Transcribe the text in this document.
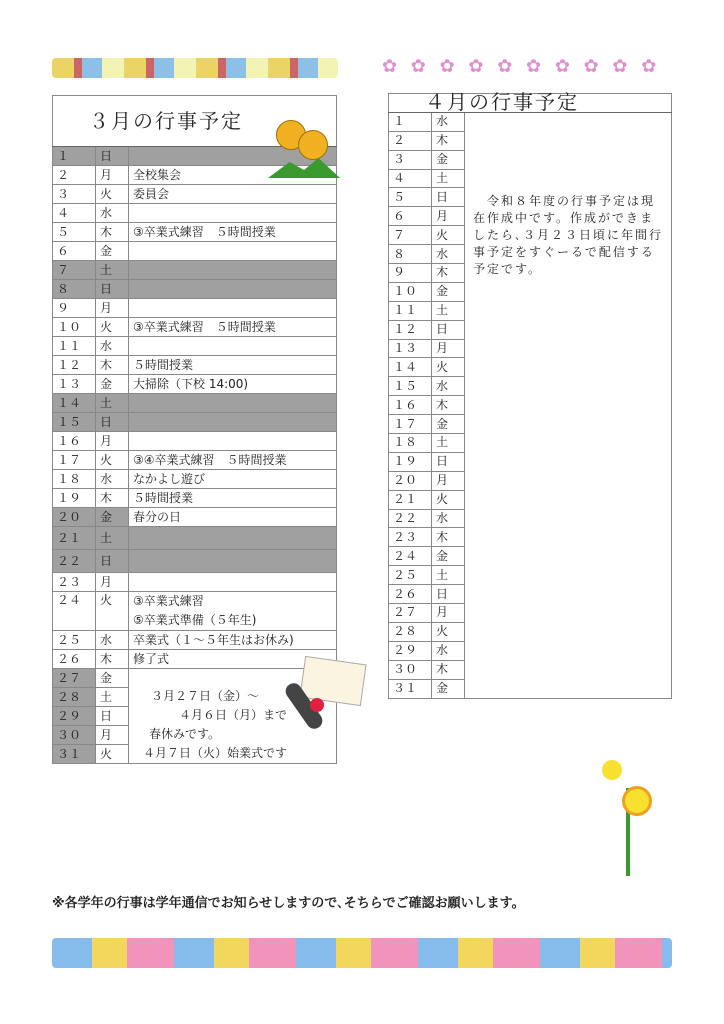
✿ ✿ ✿ ✿ ✿ ✿ ✿ ✿ ✿ ✿
３月の行事予定		
１	日	
２	月	全校集会
３	火	委員会
４	水	
５	木	③卒業式練習　５時間授業
６	金	
７	土	
８	日	
９	月	
１０	火	③卒業式練習　５時間授業
１１	水	
１２	木	５時間授業
１３	金	大掃除（下校 14:00)
１４	土	
１５	日	
１６	月	
１７	火	③④卒業式練習　５時間授業
１８	水	なかよし遊び
１９	木	５時間授業
２０	金	春分の日
２１	土	
２２	日	
２３	月	
２４	火	③卒業式練習
⑤卒業式準備（５年生)
２５	水	卒業式（１～５年生はお休み)
２６	木	修了式
２７	金	３月２７日（金）～
４月６日（月）まで
春休みです。
４月７日（火）始業式です

２８	土	
２９	日	
３０	月	
３１	火	
４月の行事予定		
１	水	　令和８年度の行事予定は現在作成中です。作成ができましたら､３月２３日頃に年間行事予定をすぐーるで配信する予定です。
２	木	
３	金	
４	土	
５	日	
６	月	
７	火	
８	水	
９	木	
１０	金	
１１	土	
１２	日	
１３	月	
１４	火	
１５	水	
１６	木	
１７	金	
１８	土	
１９	日	
２０	月	
２１	火	
２２	水	
２３	木	
２４	金	
２５	土	
２６	日	
２７	月	
２８	火	
２９	水	
３０	木	
３１	金	
※各学年の行事は学年通信でお知らせしますので､そちらでご確認お願いします。
